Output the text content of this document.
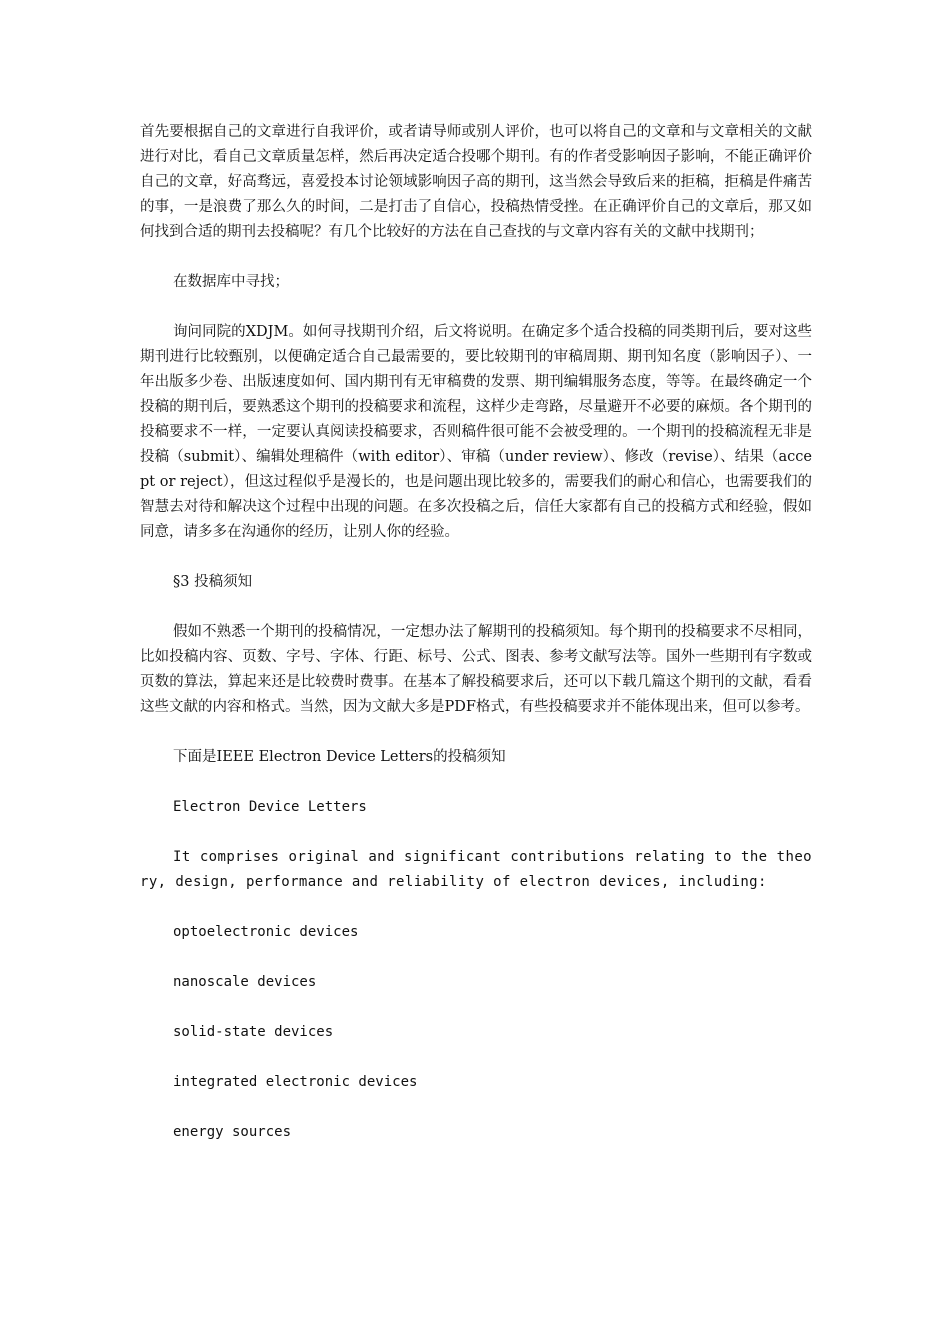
首先要根据自己的文章进行自我评价，或者请导师或别人评价，也可以将自己的文章和与文章相关的文献进行对比，看自己文章质量怎样，然后再决定适合投哪个期刊。有的作者受影响因子影响，不能正确评价自己的文章，好高骛远，喜爱投本讨论领域影响因子高的期刊，这当然会导致后来的拒稿，拒稿是件痛苦的事，一是浪费了那么久的时间，二是打击了自信心，投稿热情受挫。在正确评价自己的文章后，那又如何找到合适的期刊去投稿呢？有几个比较好的方法在自己查找的与文章内容有关的文献中找期刊；

在数据库中寻找；

询问同院的XDJM。如何寻找期刊介绍，后文将说明。在确定多个适合投稿的同类期刊后，要对这些期刊进行比较甄别，以便确定适合自己最需要的，要比较期刊的审稿周期、期刊知名度（影响因子）、一年出版多少卷、出版速度如何、国内期刊有无审稿费的发票、期刊编辑服务态度，等等。在最终确定一个投稿的期刊后，要熟悉这个期刊的投稿要求和流程，这样少走弯路，尽量避开不必要的麻烦。各个期刊的投稿要求不一样，一定要认真阅读投稿要求，否则稿件很可能不会被受理的。一个期刊的投稿流程无非是投稿（submit）、编辑处理稿件（with editor）、审稿（under review）、修改（revise）、结果（accept or reject），但这过程似乎是漫长的，也是问题出现比较多的，需要我们的耐心和信心，也需要我们的智慧去对待和解决这个过程中出现的问题。在多次投稿之后，信任大家都有自己的投稿方式和经验，假如同意，请多多在沟通你的经历，让别人你的经验。

§3 投稿须知

假如不熟悉一个期刊的投稿情况，一定想办法了解期刊的投稿须知。每个期刊的投稿要求不尽相同，比如投稿内容、页数、字号、字体、行距、标号、公式、图表、参考文献写法等。国外一些期刊有字数或页数的算法，算起来还是比较费时费事。在基本了解投稿要求后，还可以下载几篇这个期刊的文献，看看这些文献的内容和格式。当然，因为文献大多是PDF格式，有些投稿要求并不能体现出来，但可以参考。

下面是IEEE Electron Device Letters的投稿须知

Electron Device Letters

It comprises original and significant contributions relating to the theory, design, performance and reliability of electron devices, including:

optoelectronic devices
nanoscale devices
solid-state devices
integrated electronic devices
energy sources
